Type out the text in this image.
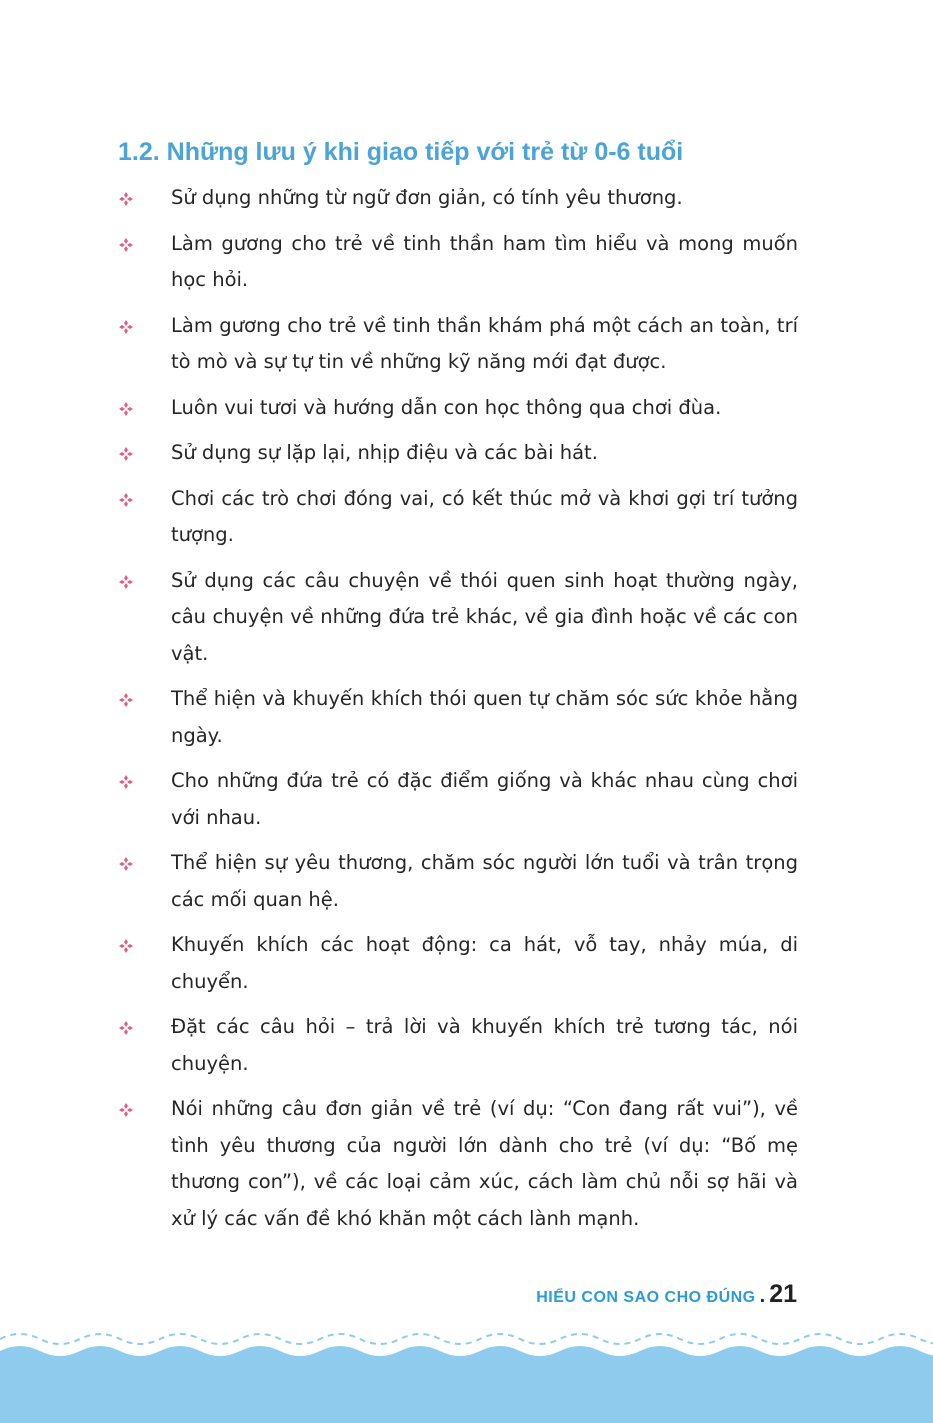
1.2. Những lưu ý khi giao tiếp với trẻ từ 0-6 tuổi
Sử dụng những từ ngữ đơn giản, có tính yêu thương.
Làm gương cho trẻ về tinh thần ham tìm hiểu và mong muốn học hỏi.
Làm gương cho trẻ về tinh thần khám phá một cách an toàn, trí tò mò và sự tự tin về những kỹ năng mới đạt được.
Luôn vui tươi và hướng dẫn con học thông qua chơi đùa.
Sử dụng sự lặp lại, nhịp điệu và các bài hát.
Chơi các trò chơi đóng vai, có kết thúc mở và khơi gợi trí tưởng tượng.
Sử dụng các câu chuyện về thói quen sinh hoạt thường ngày, câu chuyện về những đứa trẻ khác, về gia đình hoặc về các con vật.
Thể hiện và khuyến khích thói quen tự chăm sóc sức khỏe hằng ngày.
Cho những đứa trẻ có đặc điểm giống và khác nhau cùng chơi với nhau.
Thể hiện sự yêu thương, chăm sóc người lớn tuổi và trân trọng các mối quan hệ.
Khuyến khích các hoạt động: ca hát, vỗ tay, nhảy múa, di chuyển.
Đặt các câu hỏi – trả lời và khuyến khích trẻ tương tác, nói chuyện.
Nói những câu đơn giản về trẻ (ví dụ: “Con đang rất vui”), về tình yêu thương của người lớn dành cho trẻ (ví dụ: “Bố mẹ thương con”), về các loại cảm xúc, cách làm chủ nỗi sợ hãi và xử lý các vấn đề khó khăn một cách lành mạnh.
HIỂU CON SAO CHO ĐÚNG . 21
